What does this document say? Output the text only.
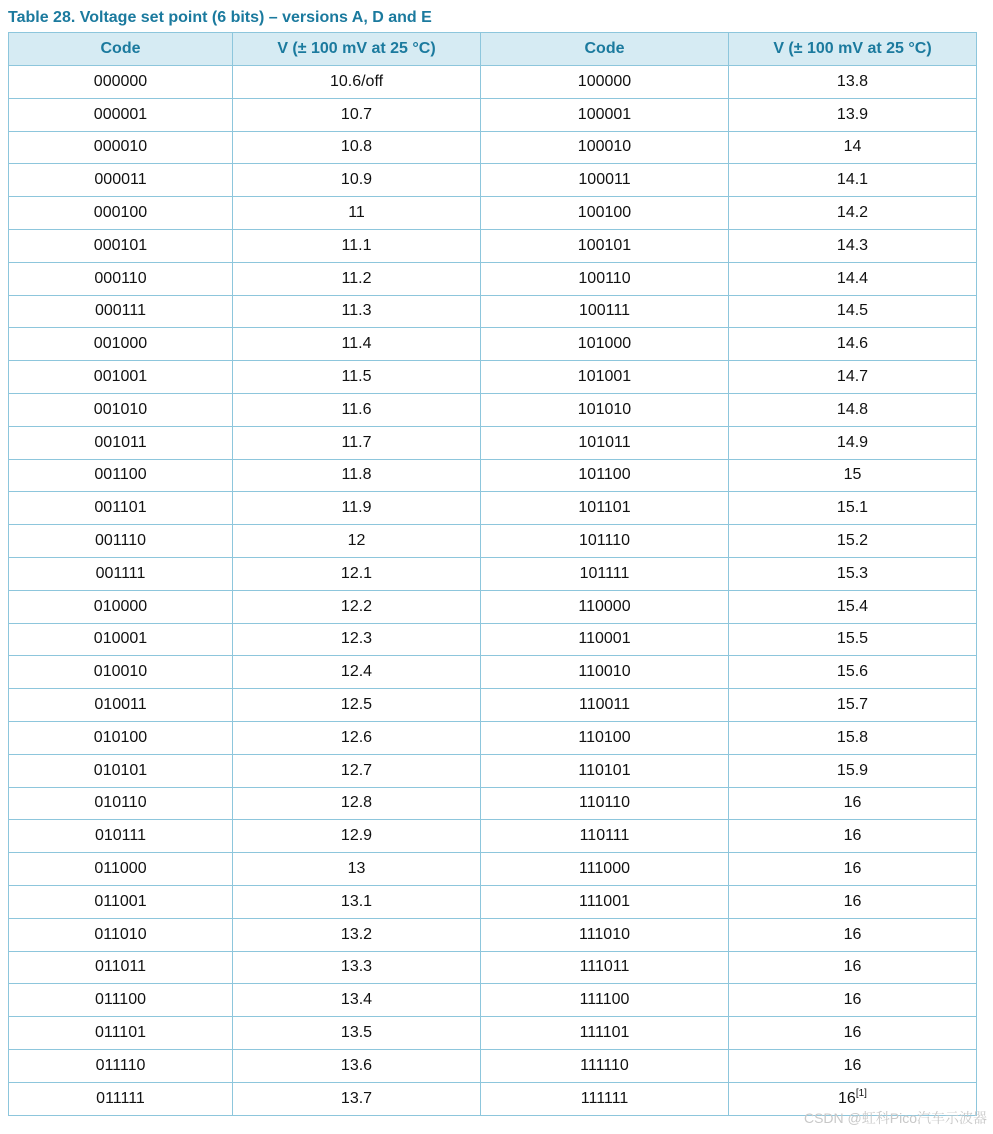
Table 28. Voltage set point (6 bits) – versions A, D and E
Code	V (± 100 mV at 25 °C)	Code	V (± 100 mV at 25 °C)
000000	10.6/off	100000	13.8
000001	10.7	100001	13.9
000010	10.8	100010	14
000011	10.9	100011	14.1
000100	11	100100	14.2
000101	11.1	100101	14.3
000110	11.2	100110	14.4
000111	11.3	100111	14.5
001000	11.4	101000	14.6
001001	11.5	101001	14.7
001010	11.6	101010	14.8
001011	11.7	101011	14.9
001100	11.8	101100	15
001101	11.9	101101	15.1
001110	12	101110	15.2
001111	12.1	101111	15.3
010000	12.2	110000	15.4
010001	12.3	110001	15.5
010010	12.4	110010	15.6
010011	12.5	110011	15.7
010100	12.6	110100	15.8
010101	12.7	110101	15.9
010110	12.8	110110	16
010111	12.9	110111	16
011000	13	111000	16
011001	13.1	111001	16
011010	13.2	111010	16
011011	13.3	111011	16
011100	13.4	111100	16
011101	13.5	111101	16
011110	13.6	111110	16
011111	13.7	111111	16[1]
CSDN @虹科Pico汽车示波器
